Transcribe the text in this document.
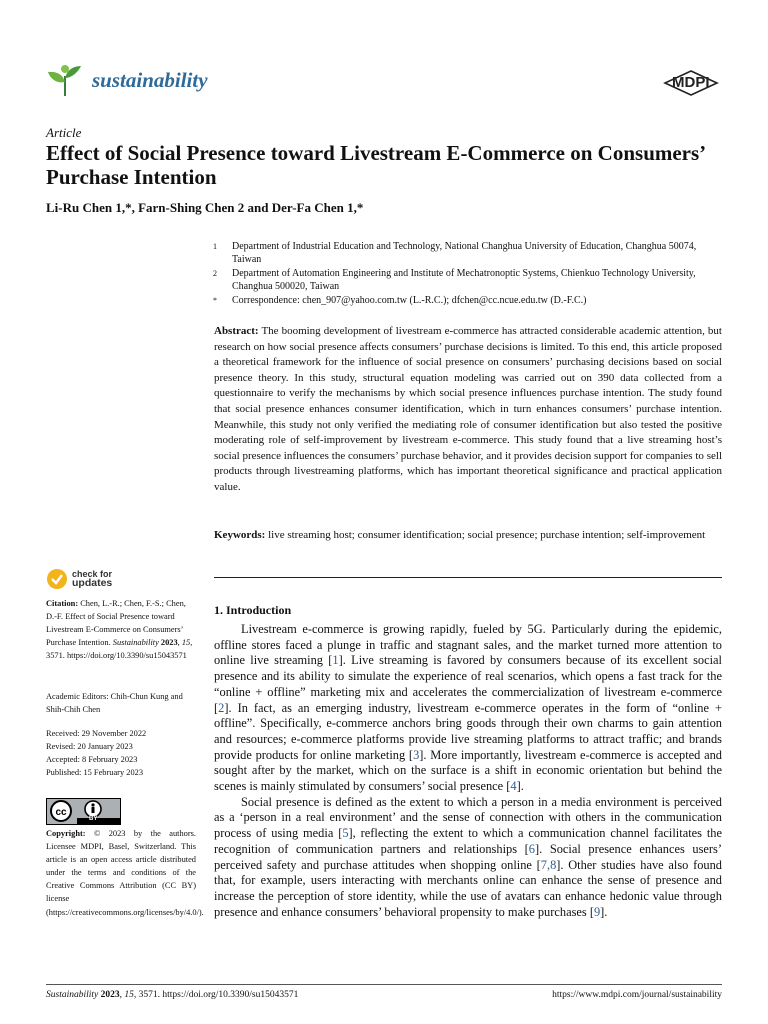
sustainability	MDPI
Article
Effect of Social Presence toward Livestream E-Commerce on Consumers’ Purchase Intention
Li-Ru Chen 1,*, Farn-Shing Chen 2 and Der-Fa Chen 1,*
1 Department of Industrial Education and Technology, National Changhua University of Education, Changhua 50074, Taiwan
2 Department of Automation Engineering and Institute of Mechatronoptic Systems, Chienkuo Technology University, Changhua 500020, Taiwan
* Correspondence: chen_907@yahoo.com.tw (L.-R.C.); dfchen@cc.ncue.edu.tw (D.-F.C.)
Abstract: The booming development of livestream e-commerce has attracted considerable academic attention, but research on how social presence affects consumers’ purchase decisions is limited. To this end, this article proposed a theoretical framework for the influence of social presence on consumers’ purchasing decisions based on social presence theory. In this study, structural equation modeling was carried out on 390 data collected from a questionnaire to verify the mechanisms by which social presence influences purchase intention. The study found that social presence enhances consumer identification, which in turn enhances consumers’ purchase intention. Meanwhile, this study not only verified the mediating role of consumer identification but also tested the positive moderating role of self-improvement by livestream e-commerce. This study found that a live streaming host’s social presence influences the consumers’ purchase behavior, and it provides decision support for companies to sell products through livestreaming platforms, which has important theoretical significance and practical application value.
Keywords: live streaming host; consumer identification; social presence; purchase intention; self-improvement
check for
updates
Citation: Chen, L.-R.; Chen, F.-S.; Chen, D.-F. Effect of Social Presence toward Livestream E-Commerce on Consumers’ Purchase Intention. Sustainability 2023, 15, 3571. https://doi.org/10.3390/su15043571
Academic Editors: Chih-Chun Kung and Shih-Chih Chen
Received: 29 November 2022
Revised: 20 January 2023
Accepted: 8 February 2023
Published: 15 February 2023
cc
BY
Copyright: © 2023 by the authors. Licensee MDPI, Basel, Switzerland. This article is an open access article distributed under the terms and conditions of the Creative Commons Attribution (CC BY) license (https://creativecommons.org/licenses/by/4.0/).
1. Introduction

Livestream e-commerce is growing rapidly, fueled by 5G. Particularly during the epidemic, offline stores faced a plunge in traffic and stagnant sales, and the market turned more attention to online live streaming [1]. Live streaming is favored by consumers because of its excellent social presence and its ability to simulate the experience of real scenarios, which opens a fast track for the “online + offline” marketing mix and accelerates the commercialization of livestream e-commerce [2]. In fact, as an emerging industry, livestream e-commerce operates in the form of “online + offline”. Specifically, e-commerce anchors bring goods through their own charms to gain attention and resources; e-commerce platforms provide live streaming platforms to attract traffic; and brands provide products for online marketing [3]. More importantly, livestream e-commerce is accepted and sought after by the market, which on the surface is a shift in economic orientation but behind the scenes is mainly stimulated by consumers’ social presence [4].

Social presence is defined as the extent to which a person in a media environment is perceived as a ‘person in a real environment’ and the sense of connection with others in the communication process of using media [5], reflecting the extent to which a communication channel facilitates the recognition of communication partners and relationships [6]. Social presence enhances users’ perceived safety and purchase attitudes when shopping online [7,8]. Other studies have also found that, for example, users interacting with merchants online can enhance the sense of presence and increase the perception of store identity, while the use of avatars can enhance hedonic value through presence and enhance consumers’ behavioral propensity to make purchases [9].

Sustainability 2023, 15, 3571. https://doi.org/10.3390/su15043571	https://www.mdpi.com/journal/sustainability
